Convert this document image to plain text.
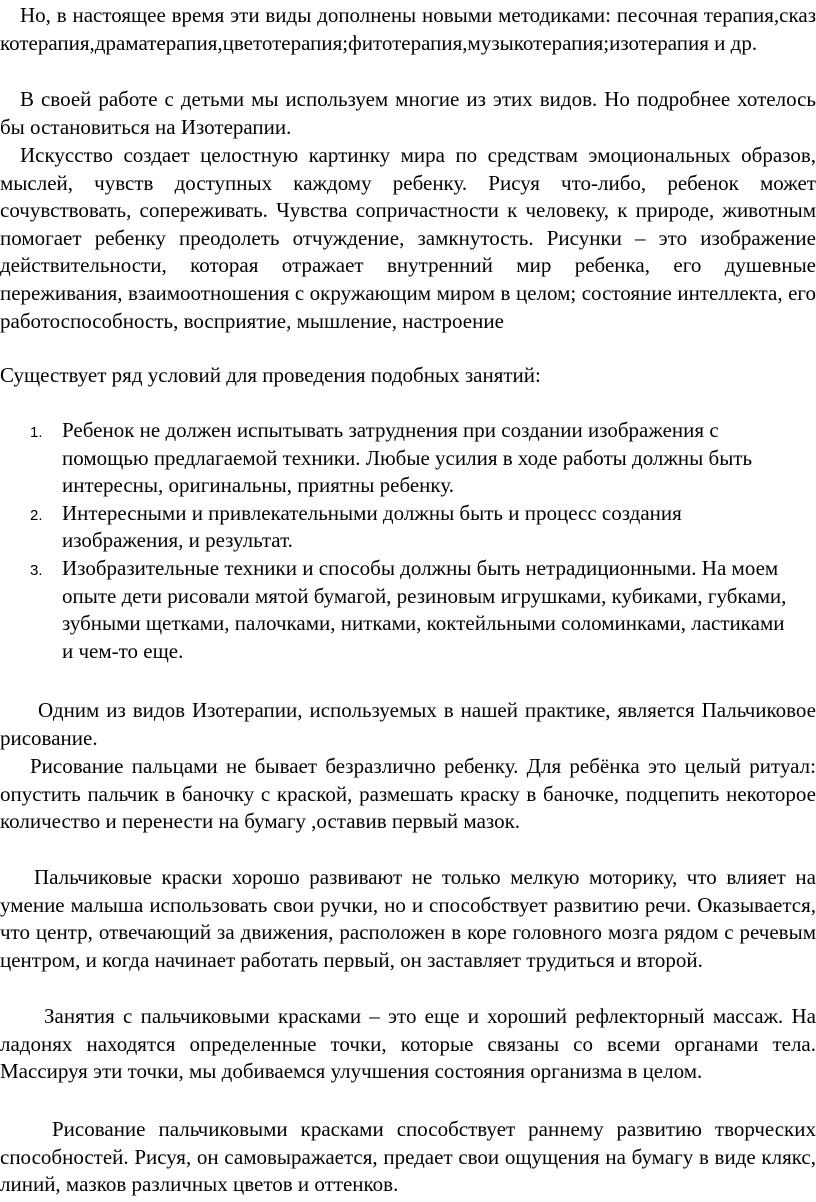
Но, в настоящее время эти виды дополнены новыми методиками: песочная терапия,сказкотерапия,драматерапия,цветотерапия;фитотерапия,музыкотерапия;изотерапия и др.

В своей работе с детьми мы используем многие из этих видов. Но подробнее хотелось бы остановиться на Изотерапии.

Искусство создает целостную картинку мира по средствам эмоциональных образов, мыслей, чувств доступных каждому ребенку. Рисуя что-либо, ребенок может сочувствовать, сопереживать. Чувства сопричастности к человеку, к природе, животным помогает ребенку преодолеть отчуждение, замкнутость. Рисунки – это изображение действительности, которая отражает внутренний мир ребенка, его душевные переживания, взаимоотношения с окружающим миром в целом; состояние интеллекта, его работоспособность, восприятие, мышление, настроение

Существует ряд условий для проведения подобных занятий:

1. Ребенок не должен испытывать затруднения при создании изображения с помощью предлагаемой техники. Любые усилия в ходе работы должны быть интересны, оригинальны, приятны ребенку.
2. Интересными и привлекательными должны быть и процесс создания изображения, и результат.
3. Изобразительные техники и способы должны быть нетрадиционными. На моем опыте дети рисовали мятой бумагой, резиновым игрушками, кубиками, губками, зубными щетками, палочками, нитками, коктейльными соломинками, ластиками и чем-то еще.

Одним из видов Изотерапии, используемых в нашей практике, является Пальчиковое рисование.

Рисование пальцами не бывает безразлично ребенку. Для ребёнка это целый ритуал: опустить пальчик в баночку с краской, размешать краску в баночке, подцепить некоторое количество и перенести на бумагу ,оставив первый мазок.

Пальчиковые краски хорошо развивают не только мелкую моторику, что влияет на умение малыша использовать свои ручки, но и способствует развитию речи. Оказывается, что центр, отвечающий за движения, расположен в коре головного мозга рядом с речевым центром, и когда начинает работать первый, он заставляет трудиться и второй.

Занятия с пальчиковыми красками – это еще и хороший рефлекторный массаж. На ладонях находятся определенные точки, которые связаны со всеми органами тела. Массируя эти точки, мы добиваемся улучшения состояния организма в целом.

Рисование пальчиковыми красками способствует раннему развитию творческих способностей. Рисуя, он самовыражается, предает свои ощущения на бумагу в виде клякс, линий, мазков различных цветов и оттенков.
